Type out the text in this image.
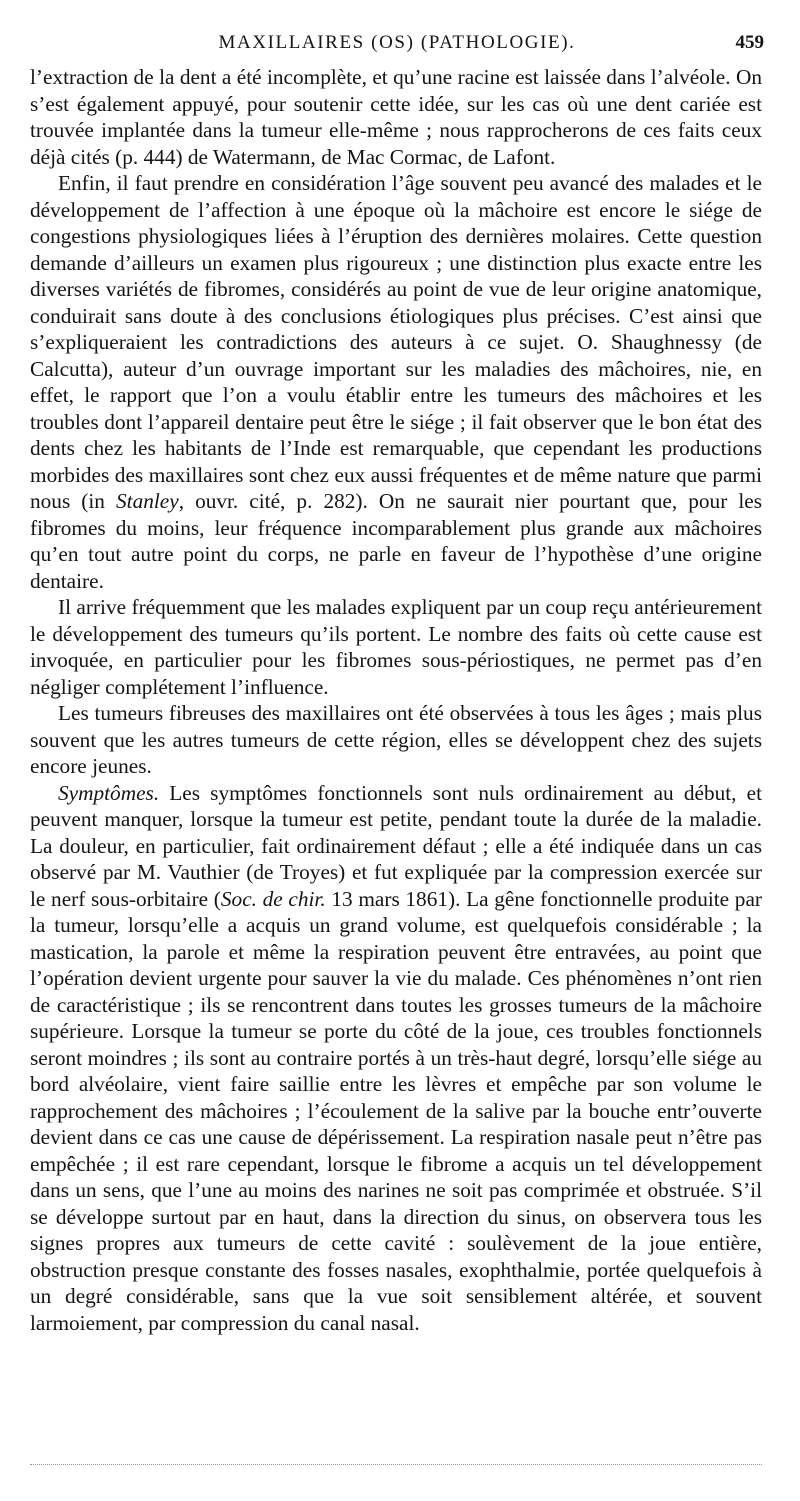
MAXILLAIRES (OS) (PATHOLOGIE).	459

l’extraction de la dent a été incomplète, et qu’une racine est laissée dans l’alvéole. On s’est également appuyé, pour soutenir cette idée, sur les cas où une dent cariée est trouvée implantée dans la tumeur elle-même ; nous rapprocherons de ces faits ceux déjà cités (p. 444) de Watermann, de Mac Cormac, de Lafont.

Enfin, il faut prendre en considération l’âge souvent peu avancé des malades et le développement de l’affection à une époque où la mâchoire est encore le siége de congestions physiologiques liées à l’éruption des dernières molaires. Cette question demande d’ailleurs un examen plus rigoureux ; une distinction plus exacte entre les diverses variétés de fibromes, considérés au point de vue de leur origine anatomique, conduirait sans doute à des conclusions étiologiques plus précises. C’est ainsi que s’expliqueraient les contradictions des auteurs à ce sujet. O. Shaughnessy (de Calcutta), auteur d’un ouvrage important sur les maladies des mâchoires, nie, en effet, le rapport que l’on a voulu établir entre les tumeurs des mâchoires et les troubles dont l’appareil dentaire peut être le siége ; il fait observer que le bon état des dents chez les habitants de l’Inde est remarquable, que cependant les productions morbides des maxillaires sont chez eux aussi fréquentes et de même nature que parmi nous (in Stanley, ouvr. cité, p. 282). On ne saurait nier pourtant que, pour les fibromes du moins, leur fréquence incomparablement plus grande aux mâchoires qu’en tout autre point du corps, ne parle en faveur de l’hypothèse d’une origine dentaire.

Il arrive fréquemment que les malades expliquent par un coup reçu antérieurement le développement des tumeurs qu’ils portent. Le nombre des faits où cette cause est invoquée, en particulier pour les fibromes sous-périostiques, ne permet pas d’en négliger complétement l’influence.

Les tumeurs fibreuses des maxillaires ont été observées à tous les âges ; mais plus souvent que les autres tumeurs de cette région, elles se développent chez des sujets encore jeunes.

Symptômes. Les symptômes fonctionnels sont nuls ordinairement au début, et peuvent manquer, lorsque la tumeur est petite, pendant toute la durée de la maladie. La douleur, en particulier, fait ordinairement défaut ; elle a été indiquée dans un cas observé par M. Vauthier (de Troyes) et fut expliquée par la compression exercée sur le nerf sous-orbitaire (Soc. de chir. 13 mars 1861). La gêne fonctionnelle produite par la tumeur, lorsqu’elle a acquis un grand volume, est quelquefois considérable ; la mastication, la parole et même la respiration peuvent être entravées, au point que l’opération devient urgente pour sauver la vie du malade. Ces phénomènes n’ont rien de caractéristique ; ils se rencontrent dans toutes les grosses tumeurs de la mâchoire supérieure. Lorsque la tumeur se porte du côté de la joue, ces troubles fonctionnels seront moindres ; ils sont au contraire portés à un très-haut degré, lorsqu’elle siége au bord alvéolaire, vient faire saillie entre les lèvres et empêche par son volume le rapprochement des mâchoires ; l’écoulement de la salive par la bouche entr’ouverte devient dans ce cas une cause de dépérissement. La respiration nasale peut n’être pas empêchée ; il est rare cependant, lorsque le fibrome a acquis un tel développement dans un sens, que l’une au moins des narines ne soit pas comprimée et obstruée. S’il se développe surtout par en haut, dans la direction du sinus, on observera tous les signes propres aux tumeurs de cette cavité : soulèvement de la joue entière, obstruction presque constante des fosses nasales, exophthalmie, portée quelquefois à un degré considérable, sans que la vue soit sensiblement altérée, et souvent larmoiement, par compression du canal nasal.
